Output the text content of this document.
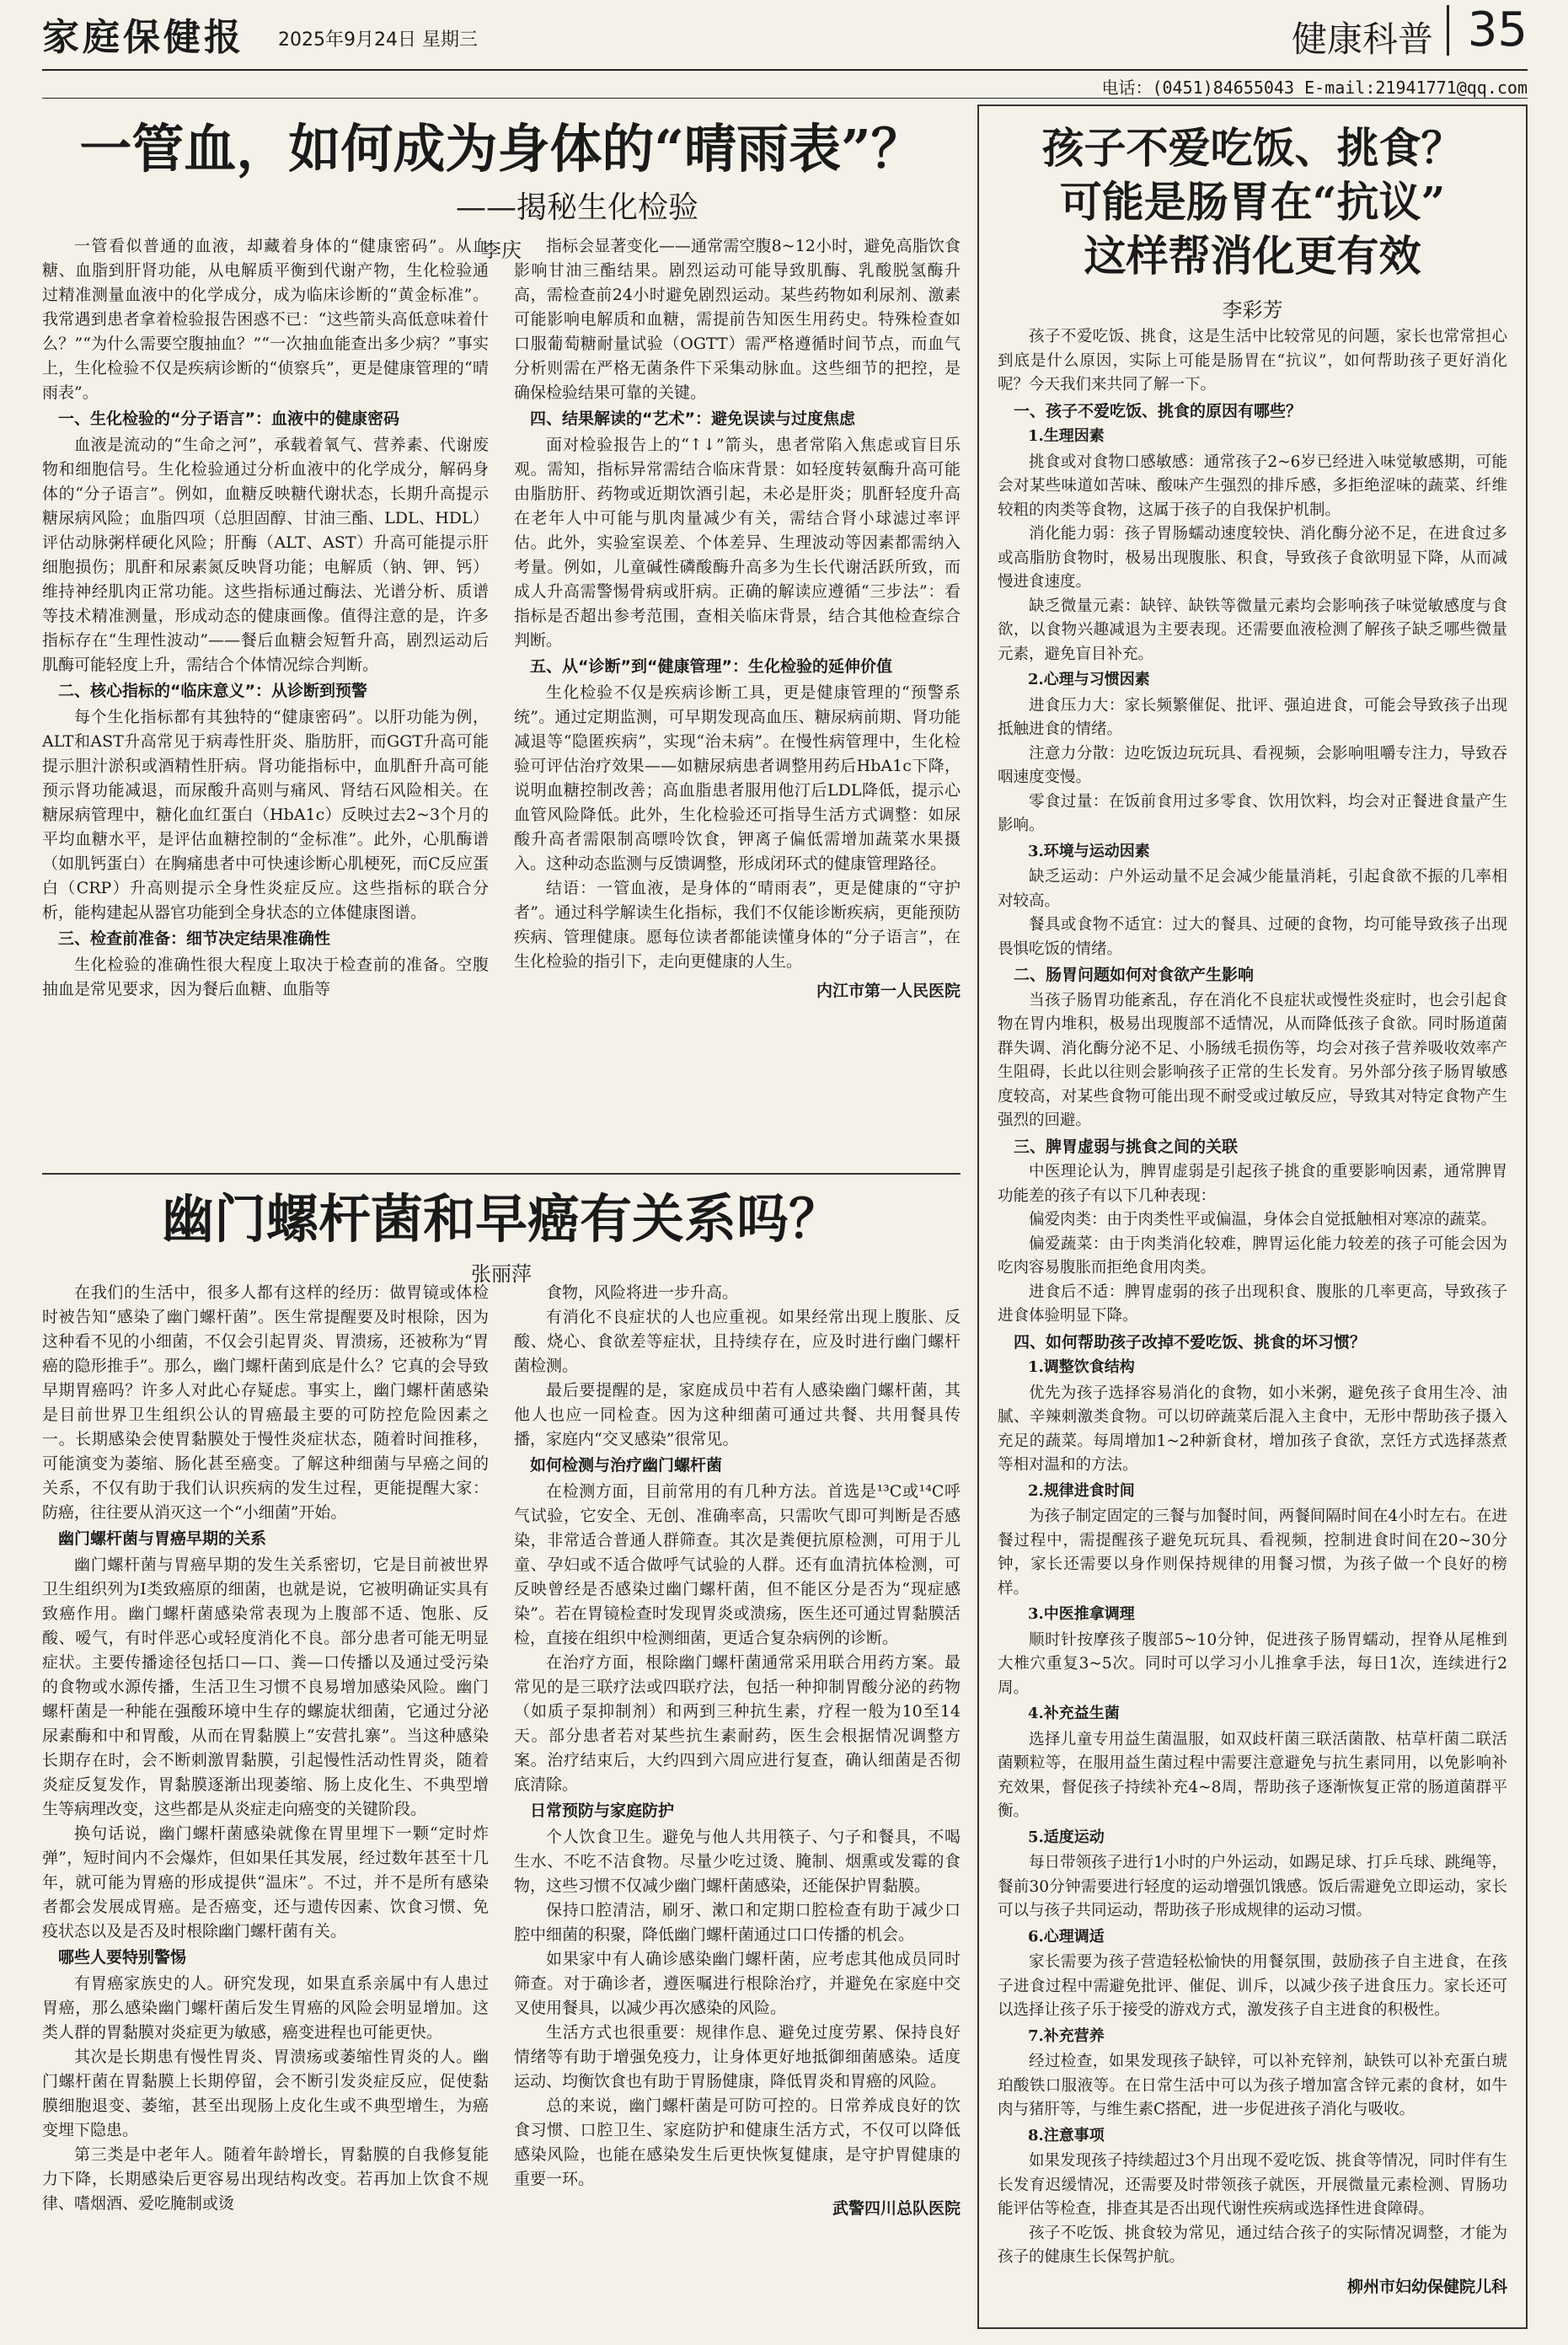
家庭保健报 2025年9月24日 星期三	健康科普 35
电话：(0451)84655043 E-mail:21941771@qq.com
一管血，如何成为身体的“晴雨表”？
——揭秘生化检验
李庆

一管看似普通的血液，却藏着身体的“健康密码”。从血糖、血脂到肝肾功能，从电解质平衡到代谢产物，生化检验通过精准测量血液中的化学成分，成为临床诊断的“黄金标准”。我常遇到患者拿着检验报告困惑不已：“这些箭头高低意味着什么？”“为什么需要空腹抽血？”“一次抽血能查出多少病？”事实上，生化检验不仅是疾病诊断的“侦察兵”，更是健康管理的“晴雨表”。

一、生化检验的“分子语言”：血液中的健康密码

血液是流动的“生命之河”，承载着氧气、营养素、代谢废物和细胞信号。生化检验通过分析血液中的化学成分，解码身体的“分子语言”。例如，血糖反映糖代谢状态，长期升高提示糖尿病风险；血脂四项（总胆固醇、甘油三酯、LDL、HDL）评估动脉粥样硬化风险；肝酶（ALT、AST）升高可能提示肝细胞损伤；肌酐和尿素氮反映肾功能；电解质（钠、钾、钙）维持神经肌肉正常功能。这些指标通过酶法、光谱分析、质谱等技术精准测量，形成动态的健康画像。值得注意的是，许多指标存在“生理性波动”——餐后血糖会短暂升高，剧烈运动后肌酶可能轻度上升，需结合个体情况综合判断。

二、核心指标的“临床意义”：从诊断到预警

每个生化指标都有其独特的“健康密码”。以肝功能为例，ALT和AST升高常见于病毒性肝炎、脂肪肝，而GGT升高可能提示胆汁淤积或酒精性肝病。肾功能指标中，血肌酐升高可能预示肾功能减退，而尿酸升高则与痛风、肾结石风险相关。在糖尿病管理中，糖化血红蛋白（HbA1c）反映过去2~3个月的平均血糖水平，是评估血糖控制的“金标准”。此外，心肌酶谱（如肌钙蛋白）在胸痛患者中可快速诊断心肌梗死，而C反应蛋白（CRP）升高则提示全身性炎症反应。这些指标的联合分析，能构建起从器官功能到全身状态的立体健康图谱。

三、检查前准备：细节决定结果准确性

生化检验的准确性很大程度上取决于检查前的准备。空腹抽血是常见要求，因为餐后血糖、血脂等

指标会显著变化——通常需空腹8~12小时，避免高脂饮食影响甘油三酯结果。剧烈运动可能导致肌酶、乳酸脱氢酶升高，需检查前24小时避免剧烈运动。某些药物如利尿剂、激素可能影响电解质和血糖，需提前告知医生用药史。特殊检查如口服葡萄糖耐量试验（OGTT）需严格遵循时间节点，而血气分析则需在严格无菌条件下采集动脉血。这些细节的把控，是确保检验结果可靠的关键。

四、结果解读的“艺术”：避免误读与过度焦虑

面对检验报告上的“↑↓”箭头，患者常陷入焦虑或盲目乐观。需知，指标异常需结合临床背景：如轻度转氨酶升高可能由脂肪肝、药物或近期饮酒引起，未必是肝炎；肌酐轻度升高在老年人中可能与肌肉量减少有关，需结合肾小球滤过率评估。此外，实验室误差、个体差异、生理波动等因素都需纳入考量。例如，儿童碱性磷酸酶升高多为生长代谢活跃所致，而成人升高需警惕骨病或肝病。正确的解读应遵循“三步法”：看指标是否超出参考范围，查相关临床背景，结合其他检查综合判断。

五、从“诊断”到“健康管理”：生化检验的延伸价值

生化检验不仅是疾病诊断工具，更是健康管理的“预警系统”。通过定期监测，可早期发现高血压、糖尿病前期、肾功能减退等“隐匿疾病”，实现“治未病”。在慢性病管理中，生化检验可评估治疗效果——如糖尿病患者调整用药后HbA1c下降，说明血糖控制改善；高血脂患者服用他汀后LDL降低，提示心血管风险降低。此外，生化检验还可指导生活方式调整：如尿酸升高者需限制高嘌呤饮食，钾离子偏低需增加蔬菜水果摄入。这种动态监测与反馈调整，形成闭环式的健康管理路径。

结语：一管血液，是身体的“晴雨表”，更是健康的“守护者”。通过科学解读生化指标，我们不仅能诊断疾病，更能预防疾病、管理健康。愿每位读者都能读懂身体的“分子语言”，在生化检验的指引下，走向更健康的人生。

内江市第一人民医院
幽门螺杆菌和早癌有关系吗？
张丽萍

在我们的生活中，很多人都有这样的经历：做胃镜或体检时被告知“感染了幽门螺杆菌”。医生常提醒要及时根除，因为这种看不见的小细菌，不仅会引起胃炎、胃溃疡，还被称为“胃癌的隐形推手”。那么，幽门螺杆菌到底是什么？它真的会导致早期胃癌吗？许多人对此心存疑虑。事实上，幽门螺杆菌感染是目前世界卫生组织公认的胃癌最主要的可防控危险因素之一。长期感染会使胃黏膜处于慢性炎症状态，随着时间推移，可能演变为萎缩、肠化甚至癌变。了解这种细菌与早癌之间的关系，不仅有助于我们认识疾病的发生过程，更能提醒大家：防癌，往往要从消灭这一个“小细菌”开始。

幽门螺杆菌与胃癌早期的关系

幽门螺杆菌与胃癌早期的发生关系密切，它是目前被世界卫生组织列为Ⅰ类致癌原的细菌，也就是说，它被明确证实具有致癌作用。幽门螺杆菌感染常表现为上腹部不适、饱胀、反酸、嗳气，有时伴恶心或轻度消化不良。部分患者可能无明显症状。主要传播途径包括口—口、粪—口传播以及通过受污染的食物或水源传播，生活卫生习惯不良易增加感染风险。幽门螺杆菌是一种能在强酸环境中生存的螺旋状细菌，它通过分泌尿素酶和中和胃酸，从而在胃黏膜上“安营扎寨”。当这种感染长期存在时，会不断刺激胃黏膜，引起慢性活动性胃炎，随着炎症反复发作，胃黏膜逐渐出现萎缩、肠上皮化生、不典型增生等病理改变，这些都是从炎症走向癌变的关键阶段。

换句话说，幽门螺杆菌感染就像在胃里埋下一颗“定时炸弹”，短时间内不会爆炸，但如果任其发展，经过数年甚至十几年，就可能为胃癌的形成提供“温床”。不过，并不是所有感染者都会发展成胃癌。是否癌变，还与遗传因素、饮食习惯、免疫状态以及是否及时根除幽门螺杆菌有关。

哪些人要特别警惕

有胃癌家族史的人。研究发现，如果直系亲属中有人患过胃癌，那么感染幽门螺杆菌后发生胃癌的风险会明显增加。这类人群的胃黏膜对炎症更为敏感，癌变进程也可能更快。

其次是长期患有慢性胃炎、胃溃疡或萎缩性胃炎的人。幽门螺杆菌在胃黏膜上长期停留，会不断引发炎症反应，促使黏膜细胞退变、萎缩，甚至出现肠上皮化生或不典型增生，为癌变埋下隐患。

第三类是中老年人。随着年龄增长，胃黏膜的自我修复能力下降，长期感染后更容易出现结构改变。若再加上饮食不规律、嗜烟酒、爱吃腌制或烫

食物，风险将进一步升高。

有消化不良症状的人也应重视。如果经常出现上腹胀、反酸、烧心、食欲差等症状，且持续存在，应及时进行幽门螺杆菌检测。

最后要提醒的是，家庭成员中若有人感染幽门螺杆菌，其他人也应一同检查。因为这种细菌可通过共餐、共用餐具传播，家庭内“交叉感染”很常见。

如何检测与治疗幽门螺杆菌

在检测方面，目前常用的有几种方法。首选是¹³C或¹⁴C呼气试验，它安全、无创、准确率高，只需吹气即可判断是否感染，非常适合普通人群筛查。其次是粪便抗原检测，可用于儿童、孕妇或不适合做呼气试验的人群。还有血清抗体检测，可反映曾经是否感染过幽门螺杆菌，但不能区分是否为“现症感染”。若在胃镜检查时发现胃炎或溃疡，医生还可通过胃黏膜活检，直接在组织中检测细菌，更适合复杂病例的诊断。

在治疗方面，根除幽门螺杆菌通常采用联合用药方案。最常见的是三联疗法或四联疗法，包括一种抑制胃酸分泌的药物（如质子泵抑制剂）和两到三种抗生素，疗程一般为10至14天。部分患者若对某些抗生素耐药，医生会根据情况调整方案。治疗结束后，大约四到六周应进行复查，确认细菌是否彻底清除。

日常预防与家庭防护

个人饮食卫生。避免与他人共用筷子、勺子和餐具，不喝生水、不吃不洁食物。尽量少吃过烫、腌制、烟熏或发霉的食物，这些习惯不仅减少幽门螺杆菌感染，还能保护胃黏膜。

保持口腔清洁，刷牙、漱口和定期口腔检查有助于减少口腔中细菌的积聚，降低幽门螺杆菌通过口口传播的机会。

如果家中有人确诊感染幽门螺杆菌，应考虑其他成员同时筛查。对于确诊者，遵医嘱进行根除治疗，并避免在家庭中交叉使用餐具，以减少再次感染的风险。

生活方式也很重要：规律作息、避免过度劳累、保持良好情绪等有助于增强免疫力，让身体更好地抵御细菌感染。适度运动、均衡饮食也有助于胃肠健康，降低胃炎和胃癌的风险。

总的来说，幽门螺杆菌是可防可控的。日常养成良好的饮食习惯、口腔卫生、家庭防护和健康生活方式，不仅可以降低感染风险，也能在感染发生后更快恢复健康，是守护胃健康的重要一环。

武警四川总队医院
孩子不爱吃饭、挑食？
可能是肠胃在“抗议”
这样帮消化更有效
李彩芳

孩子不爱吃饭、挑食，这是生活中比较常见的问题，家长也常常担心到底是什么原因，实际上可能是肠胃在“抗议”，如何帮助孩子更好消化呢？今天我们来共同了解一下。

一、孩子不爱吃饭、挑食的原因有哪些？
1.生理因素

挑食或对食物口感敏感：通常孩子2~6岁已经进入味觉敏感期，可能会对某些味道如苦味、酸味产生强烈的排斥感，多拒绝涩味的蔬菜、纤维较粗的肉类等食物，这属于孩子的自我保护机制。

消化能力弱：孩子胃肠蠕动速度较快、消化酶分泌不足，在进食过多或高脂肪食物时，极易出现腹胀、积食，导致孩子食欲明显下降，从而减慢进食速度。

缺乏微量元素：缺锌、缺铁等微量元素均会影响孩子味觉敏感度与食欲，以食物兴趣减退为主要表现。还需要血液检测了解孩子缺乏哪些微量元素，避免盲目补充。

2.心理与习惯因素

进食压力大：家长频繁催促、批评、强迫进食，可能会导致孩子出现抵触进食的情绪。

注意力分散：边吃饭边玩玩具、看视频，会影响咀嚼专注力，导致吞咽速度变慢。

零食过量：在饭前食用过多零食、饮用饮料，均会对正餐进食量产生影响。

3.环境与运动因素

缺乏运动：户外运动量不足会减少能量消耗，引起食欲不振的几率相对较高。

餐具或食物不适宜：过大的餐具、过硬的食物，均可能导致孩子出现畏惧吃饭的情绪。

二、肠胃问题如何对食欲产生影响

当孩子肠胃功能紊乱，存在消化不良症状或慢性炎症时，也会引起食物在胃内堆积，极易出现腹部不适情况，从而降低孩子食欲。同时肠道菌群失调、消化酶分泌不足、小肠绒毛损伤等，均会对孩子营养吸收效率产生阻碍，长此以往则会影响孩子正常的生长发育。另外部分孩子肠胃敏感度较高，对某些食物可能出现不耐受或过敏反应，导致其对特定食物产生强烈的回避。

三、脾胃虚弱与挑食之间的关联

中医理论认为，脾胃虚弱是引起孩子挑食的重要影响因素，通常脾胃功能差的孩子有以下几种表现：

偏爱肉类：由于肉类性平或偏温，身体会自觉抵触相对寒凉的蔬菜。

偏爱蔬菜：由于肉类消化较难，脾胃运化能力较差的孩子可能会因为吃肉容易腹胀而拒绝食用肉类。

进食后不适：脾胃虚弱的孩子出现积食、腹胀的几率更高，导致孩子进食体验明显下降。

四、如何帮助孩子改掉不爱吃饭、挑食的坏习惯？
1.调整饮食结构

优先为孩子选择容易消化的食物，如小米粥，避免孩子食用生冷、油腻、辛辣刺激类食物。可以切碎蔬菜后混入主食中，无形中帮助孩子摄入充足的蔬菜。每周增加1~2种新食材，增加孩子食欲，烹饪方式选择蒸煮等相对温和的方法。

2.规律进食时间

为孩子制定固定的三餐与加餐时间，两餐间隔时间在4小时左右。在进餐过程中，需提醒孩子避免玩玩具、看视频，控制进食时间在20~30分钟，家长还需要以身作则保持规律的用餐习惯，为孩子做一个良好的榜样。

3.中医推拿调理

顺时针按摩孩子腹部5~10分钟，促进孩子肠胃蠕动，捏脊从尾椎到大椎穴重复3~5次。同时可以学习小儿推拿手法，每日1次，连续进行2周。

4.补充益生菌

选择儿童专用益生菌温服，如双歧杆菌三联活菌散、枯草杆菌二联活菌颗粒等，在服用益生菌过程中需要注意避免与抗生素同用，以免影响补充效果，督促孩子持续补充4~8周，帮助孩子逐渐恢复正常的肠道菌群平衡。

5.适度运动

每日带领孩子进行1小时的户外运动，如踢足球、打乒乓球、跳绳等，餐前30分钟需要进行轻度的运动增强饥饿感。饭后需避免立即运动，家长可以与孩子共同运动，帮助孩子形成规律的运动习惯。

6.心理调适

家长需要为孩子营造轻松愉快的用餐氛围，鼓励孩子自主进食，在孩子进食过程中需避免批评、催促、训斥，以减少孩子进食压力。家长还可以选择让孩子乐于接受的游戏方式，激发孩子自主进食的积极性。

7.补充营养

经过检查，如果发现孩子缺锌，可以补充锌剂，缺铁可以补充蛋白琥珀酸铁口服液等。在日常生活中可以为孩子增加富含锌元素的食材，如牛肉与猪肝等，与维生素C搭配，进一步促进孩子消化与吸收。

8.注意事项

如果发现孩子持续超过3个月出现不爱吃饭、挑食等情况，同时伴有生长发育迟缓情况，还需要及时带领孩子就医，开展微量元素检测、胃肠功能评估等检查，排查其是否出现代谢性疾病或选择性进食障碍。

孩子不吃饭、挑食较为常见，通过结合孩子的实际情况调整，才能为孩子的健康生长保驾护航。

柳州市妇幼保健院儿科
